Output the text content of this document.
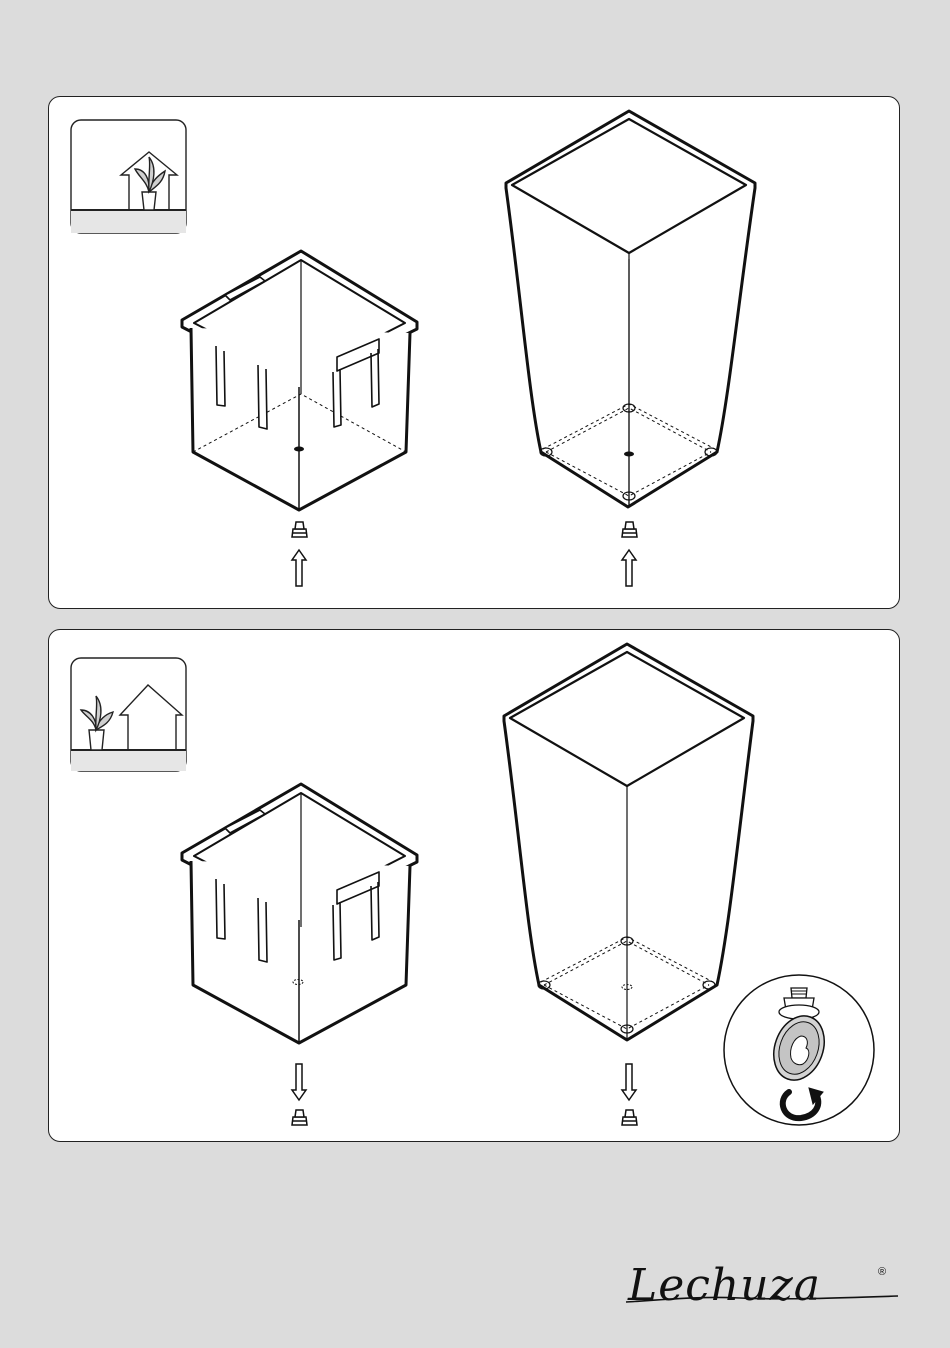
Lechuza	®
